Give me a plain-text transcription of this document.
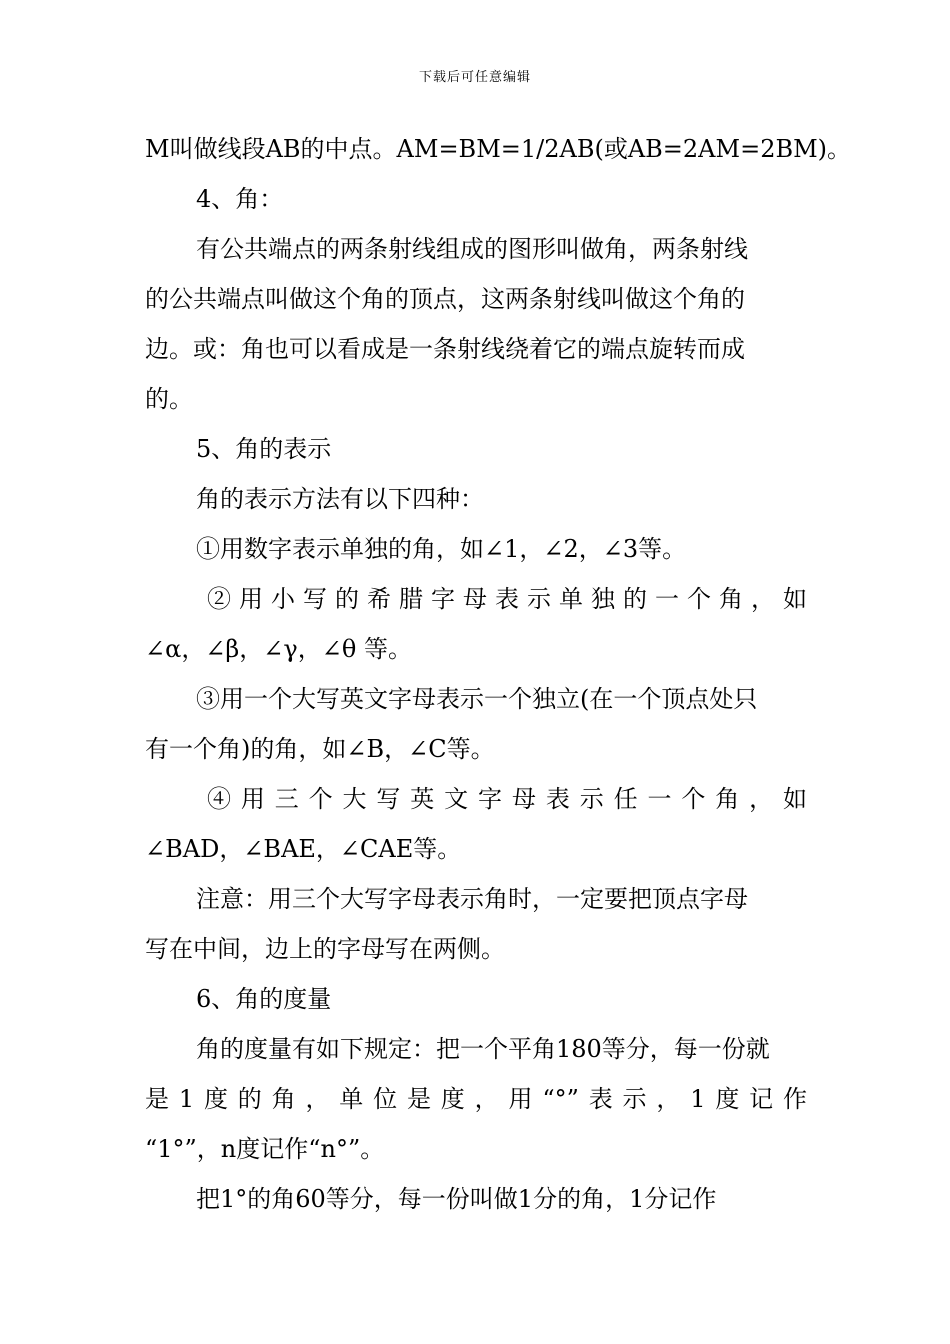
下载后可任意编辑
M叫做线段AB的中点。AM=BM=1/2AB(或AB=2AM=2BM)。
4、角：
有公共端点的两条射线组成的图形叫做角，两条射线
的公共端点叫做这个角的顶点，这两条射线叫做这个角的
边。或：角也可以看成是一条射线绕着它的端点旋转而成
的。
5、角的表示
角的表示方法有以下四种：
①用数字表示单独的角，如∠1，∠2，∠3等。
②用小写的希腊字母表示单独的一个角，如
∠α，∠β，∠γ，∠θ 等。
③用一个大写英文字母表示一个独立(在一个顶点处只
有一个角)的角，如∠B，∠C等。
④用三个大写英文字母表示任一个角，如
∠BAD，∠BAE，∠CAE等。
注意：用三个大写字母表示角时，一定要把顶点字母
写在中间，边上的字母写在两侧。
6、角的度量
角的度量有如下规定：把一个平角180等分，每一份就
是1度的角，单位是度，用“°”表示，1度记作
“1°”，n度记作“n°”。
把1°的角60等分，每一份叫做1分的角，1分记作
